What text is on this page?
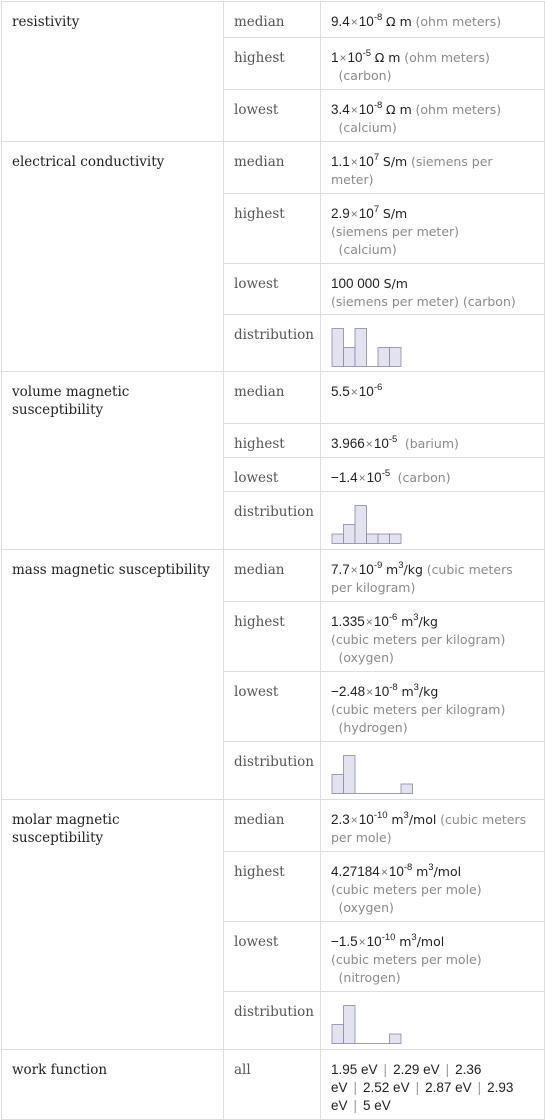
resistivity	median	$9.4\times 10^{-8}$ Ω m (ohm meters)
	highest	$1\times 10^{-5}$ Ω m (ohm meters)
(carbon)
	lowest	$3.4\times 10^{-8}$ Ω m (ohm meters)
(calcium)
electrical conductivity	median	$1.1\times 10^7$ S/m (siemens per meter)
	highest	$2.9\times 10^7$ S/m
(siemens per meter)
(calcium)
	lowest	100 000 S/m
(siemens per meter) (carbon)
	distribution	

volume magnetic susceptibility	median	$5.5\times 10^{-6}$
	highest	$3.966\times 10^{-5}$ (barium)
	lowest	$-1.4\times 10^{-5}$ (carbon)
	distribution	

mass magnetic susceptibility	median	$7.7\times 10^{-9}$ $m^3/kg$ (cubic meters per kilogram)
	highest	$1.335\times 10^{-6}$ $m^3/kg$
(cubic meters per kilogram)
(oxygen)
	lowest	$-2.48\times 10^{-8}$ $m^3/kg$
(cubic meters per kilogram)
(hydrogen)
	distribution	

molar magnetic susceptibility	median	$2.3\times 10^{-10}$ $m^3$/mol (cubic meters per mole)
	highest	$4.27184\times 10^{-8}$ $m^3$/mol
(cubic meters per mole)
(oxygen)
	lowest	$-1.5\times 10^{-10}$ $m^3$/mol
(cubic meters per mole)
(nitrogen)
	distribution	

work function	all	1.95 eV | 2.29 eV | 2.36 eV | 2.52 eV | 2.87 eV | 2.93 eV | 5 eV
